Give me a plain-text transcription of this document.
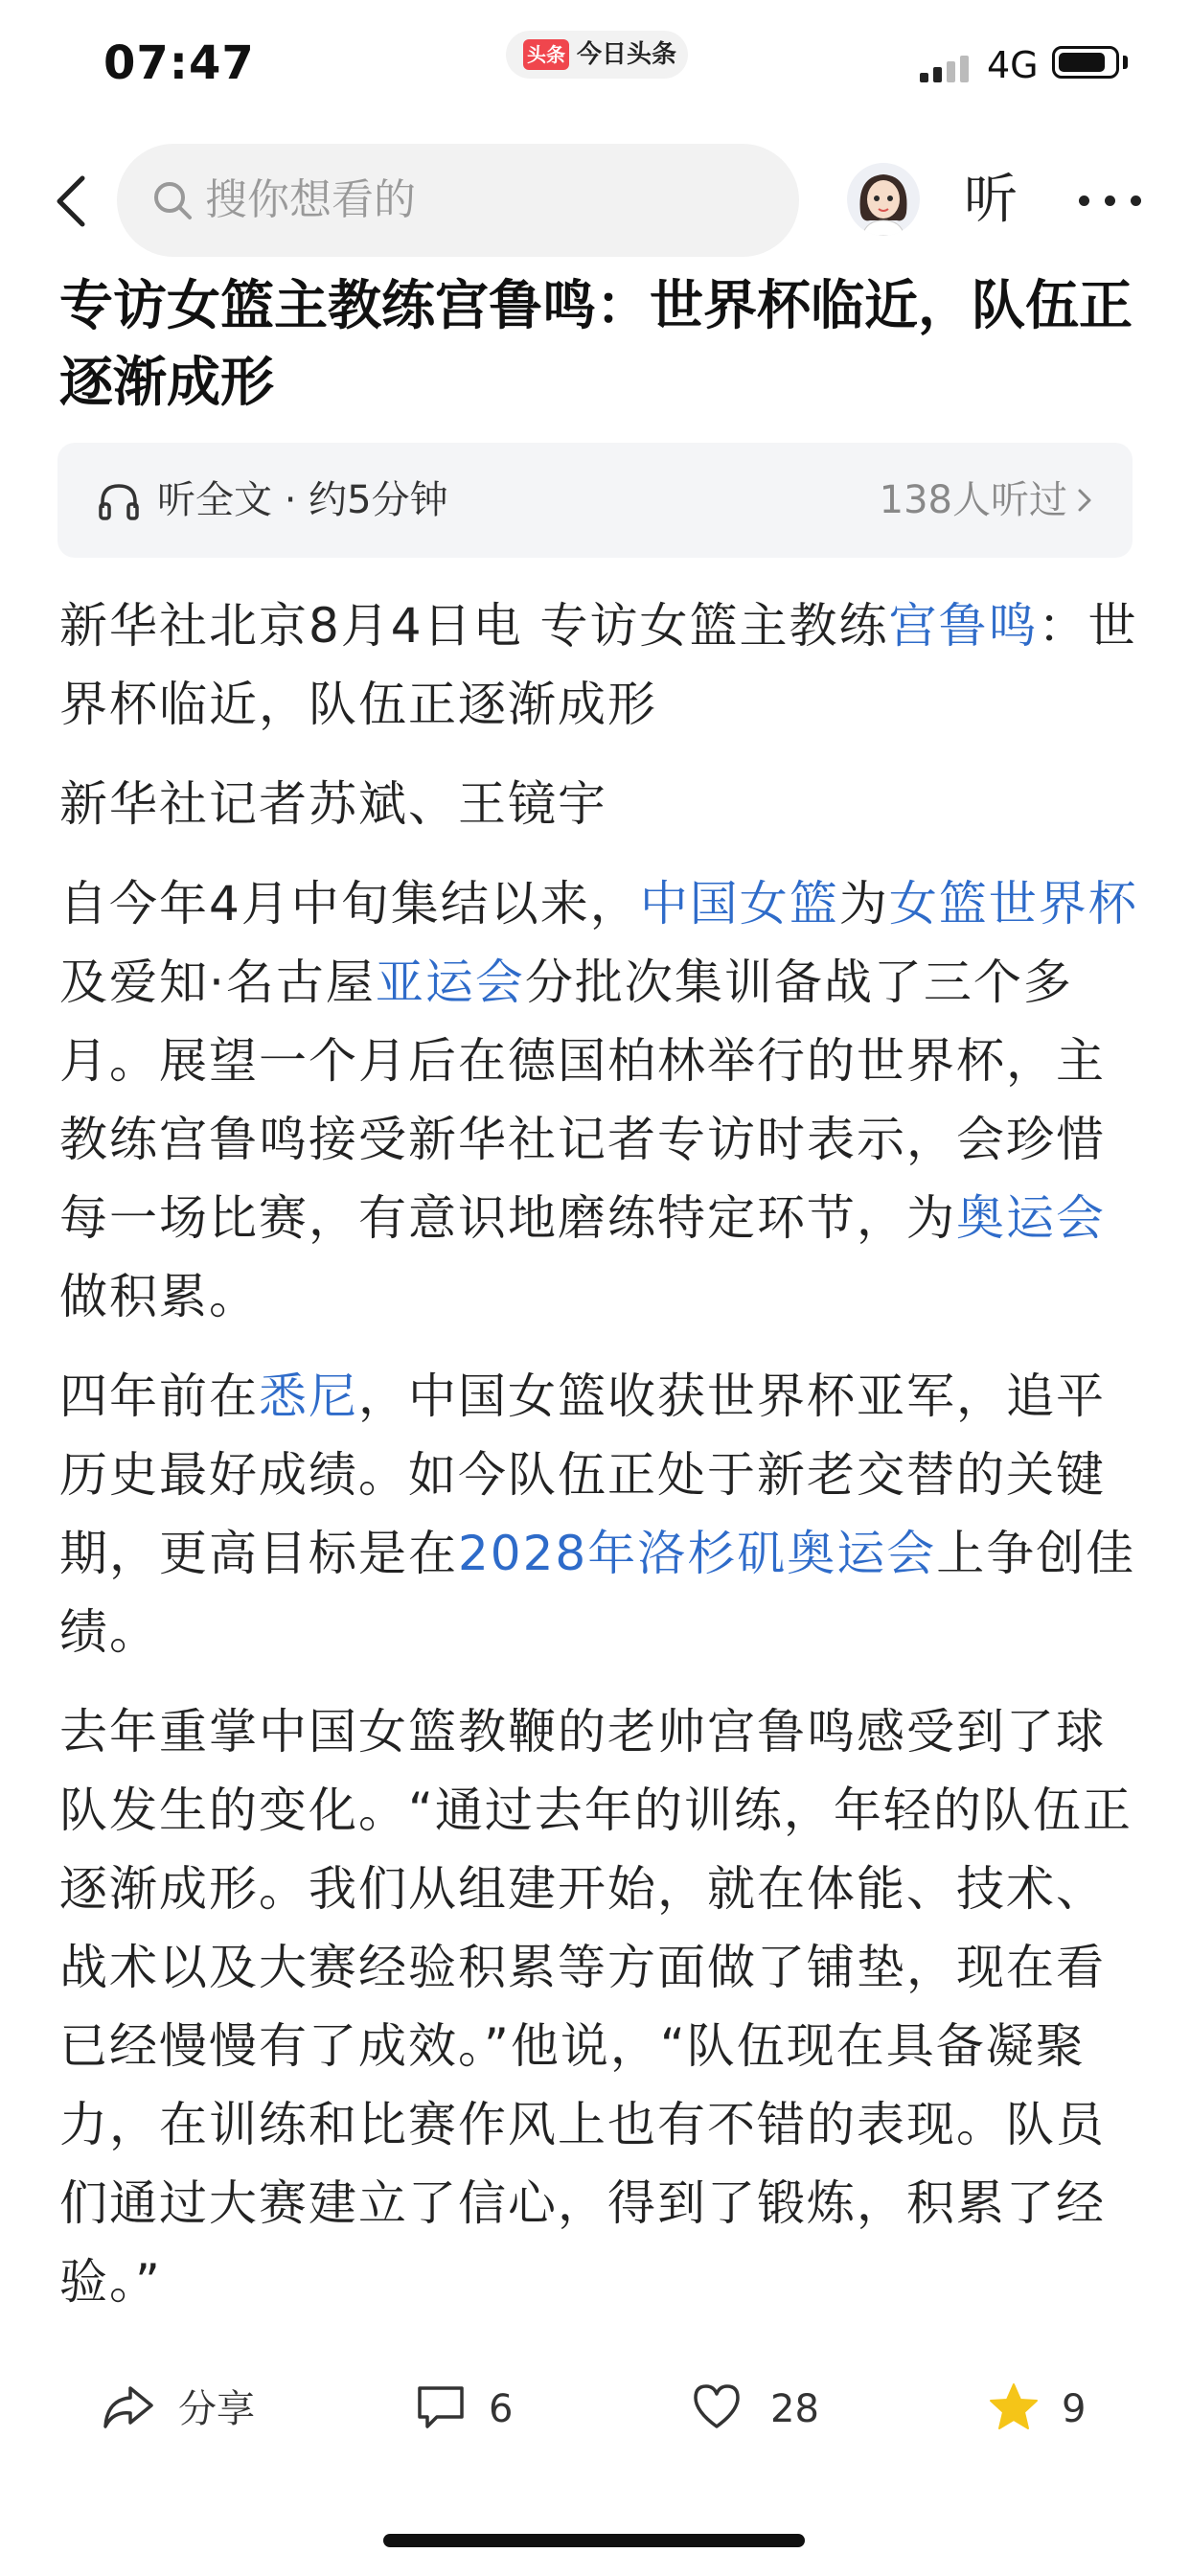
07:47	头条 今日头条	4G
搜你想看的	听
专访女篮主教练宫鲁鸣：世界杯临近，队伍正逐渐成形
听全文 · 约5分钟	138人听过

新华社北京8月4日电 专访女篮主教练宫鲁鸣：世界杯临近，队伍正逐渐成形

新华社记者苏斌、王镜宇

自今年4月中旬集结以来，中国女篮为女篮世界杯及爱知·名古屋亚运会分批次集训备战了三个多月。展望一个月后在德国柏林举行的世界杯，主教练宫鲁鸣接受新华社记者专访时表示，会珍惜每一场比赛，有意识地磨练特定环节，为奥运会做积累。

四年前在悉尼，中国女篮收获世界杯亚军，追平历史最好成绩。如今队伍正处于新老交替的关键期，更高目标是在2028年洛杉矶奥运会上争创佳绩。

去年重掌中国女篮教鞭的老帅宫鲁鸣感受到了球队发生的变化。“通过去年的训练，年轻的队伍正逐渐成形。我们从组建开始，就在体能、技术、战术以及大赛经验积累等方面做了铺垫，现在看已经慢慢有了成效。”他说，“队伍现在具备凝聚力，在训练和比赛作风上也有不错的表现。队员们通过大赛建立了信心，得到了锻炼，积累了经验。”

分享	6	28	9
